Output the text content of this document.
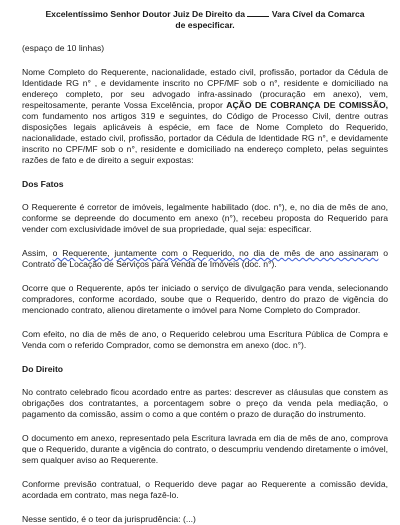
Excelentíssimo Senhor Doutor Juiz De Direito da	Vara Cível da Comarca
de especificar.
(espaço de 10 linhas)

Nome Completo do Requerente, nacionalidade, estado civil, profissão, portador da Cédula de Identidade RG n° , e devidamente inscrito no CPF/MF sob o n°, residente e domiciliado na endereço completo, por seu advogado infra-assinado (procuração em anexo), vem, respeitosamente, perante Vossa Excelência, propor AÇÃO DE COBRANÇA DE COMISSÃO, com fundamento nos artigos 319 e seguintes, do Código de Processo Civil, dentre outras disposições legais aplicáveis à espécie, em face de Nome Completo do Requerido, nacionalidade, estado civil, profissão, portador da Cédula de Identidade RG n°, e devidamente inscrito no CPF/MF sob o n°, residente e domiciliado na endereço completo, pelas seguintes razões de fato e de direito a seguir expostas:

Dos Fatos

O Requerente é corretor de imóveis, legalmente habilitado (doc. n°), e, no dia de mês de ano, conforme se depreende do documento em anexo (n°), recebeu proposta do Requerido para vender com exclusividade imóvel de sua propriedade, qual seja: especificar.

Assim, o Requerente, juntamente com o Requerido, no dia de mês de ano assinaram o Contrato de Locação de Serviços para Venda de Imóveis (doc. n°).

Ocorre que o Requerente, após ter iniciado o serviço de divulgação para venda, selecionando compradores, conforme acordado, soube que o Requerido, dentro do prazo de vigência do mencionado contrato, alienou diretamente o imóvel para Nome Completo do Comprador.

Com efeito, no dia de mês de ano, o Requerido celebrou uma Escritura Pública de Compra e Venda com o referido Comprador, como se demonstra em anexo (doc. n°).

Do Direito

No contrato celebrado ficou acordado entre as partes: descrever as cláusulas que constem as obrigações dos contratantes, a porcentagem sobre o preço da venda pela mediação, o pagamento da comissão, assim o como a que contém o prazo de duração do instrumento.

O documento em anexo, representado pela Escritura lavrada em dia de mês de ano, comprova que o Requerido, durante a vigência do contrato, o descumpriu vendendo diretamente o imóvel, sem qualquer aviso ao Requerente.

Conforme previsão contratual, o Requerido deve pagar ao Requerente a comissão devida, acordada em contrato, mas nega fazê-lo.

Nesse sentido, é o teor da jurisprudência: (...)
